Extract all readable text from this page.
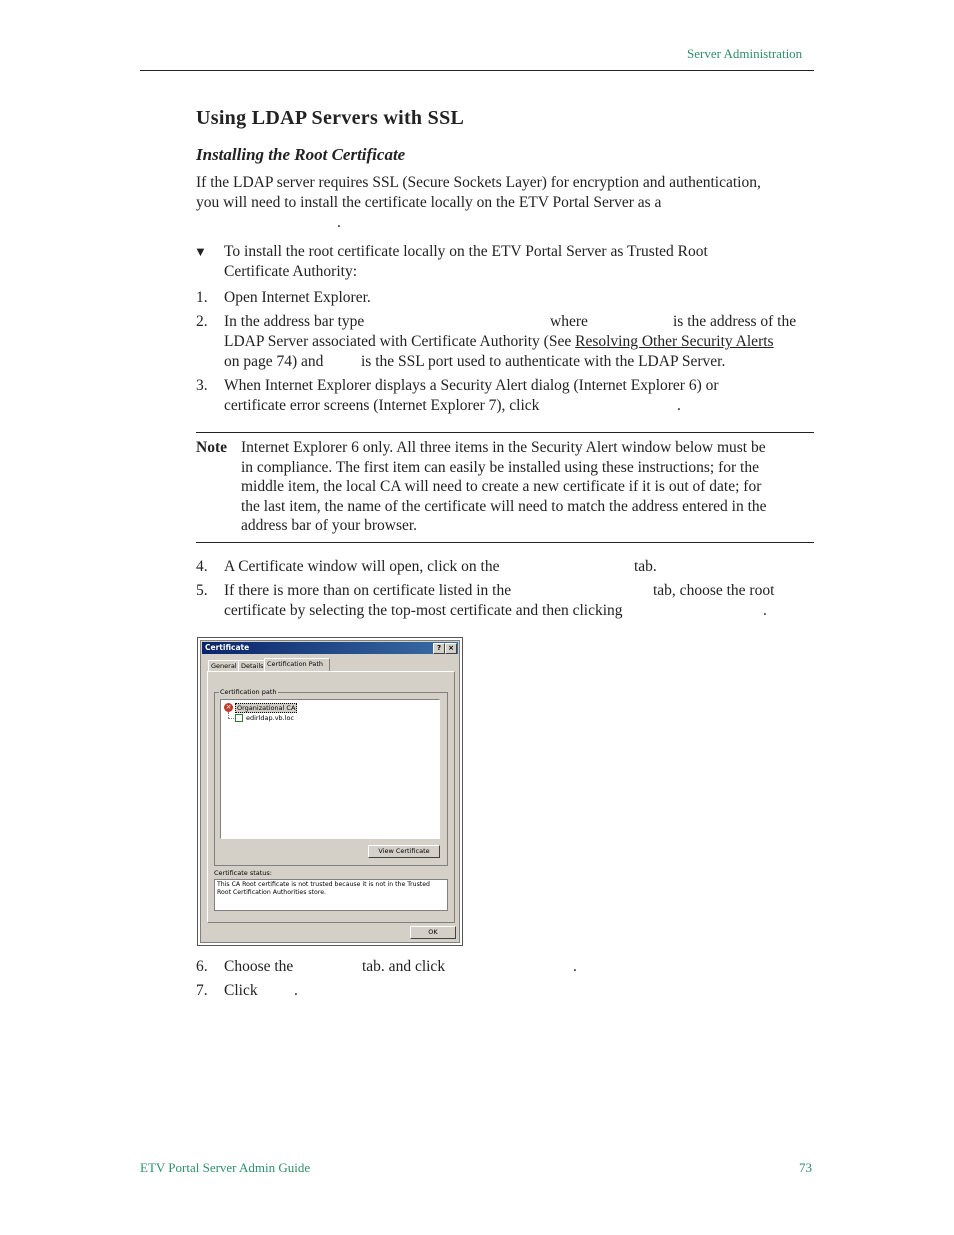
Server Administration
Using LDAP Servers with SSL
Installing the Root Certificate
If the LDAP server requires SSL (Secure Sockets Layer) for encryption and authentication,
you will need to install the certificate locally on the ETV Portal Server as a
.
▼ To install the root certificate locally on the ETV Portal Server as Trusted Root
Certificate Authority:
1. Open Internet Explorer.
2. In the address bar type	where	is the address of the
LDAP Server associated with Certificate Authority (See Resolving Other Security Alerts
on page 74) and is the SSL port used to authenticate with the LDAP Server.
3. When Internet Explorer displays a Security Alert dialog (Internet Explorer 6) or
certificate error screens (Internet Explorer 7), click	.
Note Internet Explorer 6 only. All three items in the Security Alert window below must be
in compliance. The first item can easily be installed using these instructions; for the
middle item, the local CA will need to create a new certificate if it is out of date; for
the last item, the name of the certificate will need to match the address entered in the
address bar of your browser.
4. A Certificate window will open, click on the	tab.
5. If there is more than on certificate listed in the	tab, choose the root
certificate by selecting the top-most certificate and then clicking	.
Certificate	?	×
General Details Certification Path
Certification path
× Organizational CA
edirldap.vb.loc
View Certificate
Certificate status:
This CA Root certificate is not trusted because it is not in the Trusted Root Certification Authorities store.
OK
6. Choose the	tab. and click	.
7. Click .
ETV Portal Server Admin Guide	73
